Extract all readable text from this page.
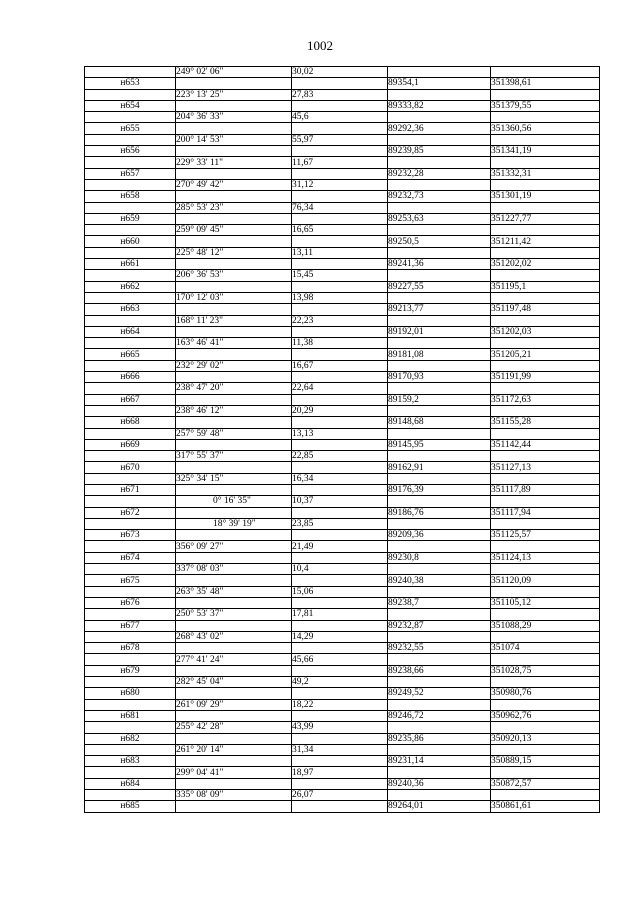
1002
	249° 02' 06"	30,02		
н653			89354,1	351398,61
	223° 13' 25"	27,83		
н654			89333,82	351379,55
	204° 36' 33"	45,6		
н655			89292,36	351360,56
	200° 14' 53"	55,97		
н656			89239,85	351341,19
	229° 33' 11"	11,67		
н657			89232,28	351332,31
	270° 49' 42"	31,12		
н658			89232,73	351301,19
	285° 53' 23"	76,34		
н659			89253,63	351227,77
	259° 09' 45"	16,65		
н660			89250,5	351211,42
	225° 48' 12"	13,11		
н661			89241,36	351202,02
	206° 36' 53"	15,45		
н662			89227,55	351195,1
	170° 12' 03"	13,98		
н663			89213,77	351197,48
	168° 11' 23"	22,23		
н664			89192,01	351202,03
	163° 46' 41"	11,38		
н665			89181,08	351205,21
	232° 29' 02"	16,67		
н666			89170,93	351191,99
	238° 47' 20"	22,64		
н667			89159,2	351172,63
	238° 46' 12"	20,29		
н668			89148,68	351155,28
	257° 59' 48"	13,13		
н669			89145,95	351142,44
	317° 55' 37"	22,85		
н670			89162,91	351127,13
	325° 34' 15"	16,34		
н671			89176,39	351117,89
	0° 16' 35"	10,37		
н672			89186,76	351117,94
	18° 39' 19"	23,85		
н673			89209,36	351125,57
	356° 09' 27"	21,49		
н674			89230,8	351124,13
	337° 08' 03"	10,4		
н675			89240,38	351120,09
	263° 35' 48"	15,06		
н676			89238,7	351105,12
	250° 53' 37"	17,81		
н677			89232,87	351088,29
	268° 43' 02"	14,29		
н678			89232,55	351074
	277° 41' 24"	45,66		
н679			89238,66	351028,75
	282° 45' 04"	49,2		
н680			89249,52	350980,76
	261° 09' 29"	18,22		
н681			89246,72	350962,76
	255° 42' 28"	43,99		
н682			89235,86	350920,13
	261° 20' 14"	31,34		
н683			89231,14	350889,15
	299° 04' 41"	18,97		
н684			89240,36	350872,57
	335° 08' 09"	26,07		
н685			89264,01	350861,61
